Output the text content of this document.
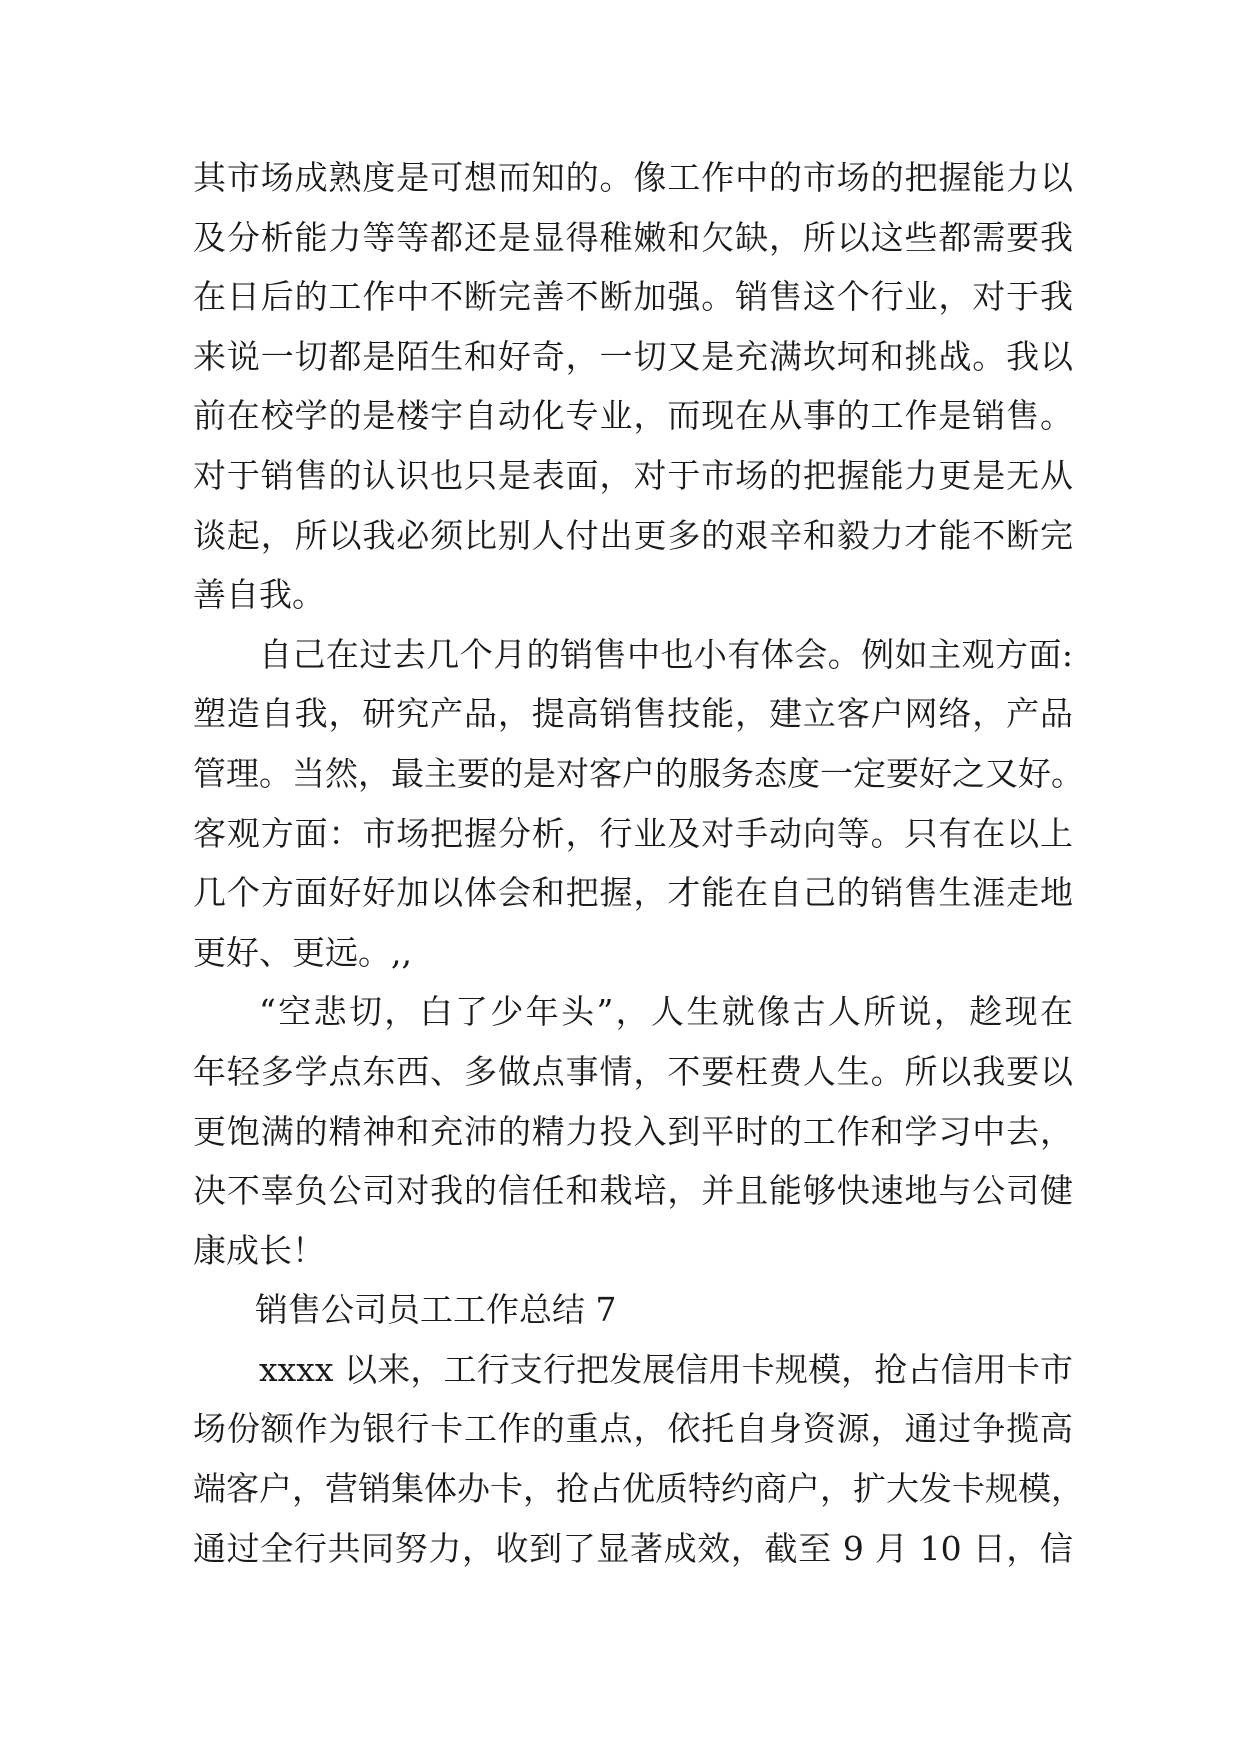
其市场成熟度是可想而知的。像工作中的市场的把握能力以
及分析能力等等都还是显得稚嫩和欠缺，所以这些都需要我
在日后的工作中不断完善不断加强。销售这个行业，对于我
来说一切都是陌生和好奇，一切又是充满坎坷和挑战。我以
前在校学的是楼宇自动化专业，而现在从事的工作是销售。
对于销售的认识也只是表面，对于市场的把握能力更是无从
谈起，所以我必须比别人付出更多的艰辛和毅力才能不断完
善自我。
自己在过去几个月的销售中也小有体会。例如主观方面:
塑造自我，研究产品，提高销售技能，建立客户网络，产品
管理。当然，最主要的是对客户的服务态度一定要好之又好。
客观方面：市场把握分析，行业及对手动向等。只有在以上
几个方面好好加以体会和把握，才能在自己的销售生涯走地
更好、更远。,,
“空悲切，白了少年头”，人生就像古人所说，趁现在
年轻多学点东西、多做点事情，不要枉费人生。所以我要以
更饱满的精神和充沛的精力投入到平时的工作和学习中去，
决不辜负公司对我的信任和栽培，并且能够快速地与公司健
康成长！
销售公司员工工作总结 7
xxxx 以来，工行支行把发展信用卡规模，抢占信用卡市
场份额作为银行卡工作的重点，依托自身资源，通过争揽高
端客户，营销集体办卡，抢占优质特约商户，扩大发卡规模，
通过全行共同努力，收到了显著成效，截至 9 月 10 日，信
